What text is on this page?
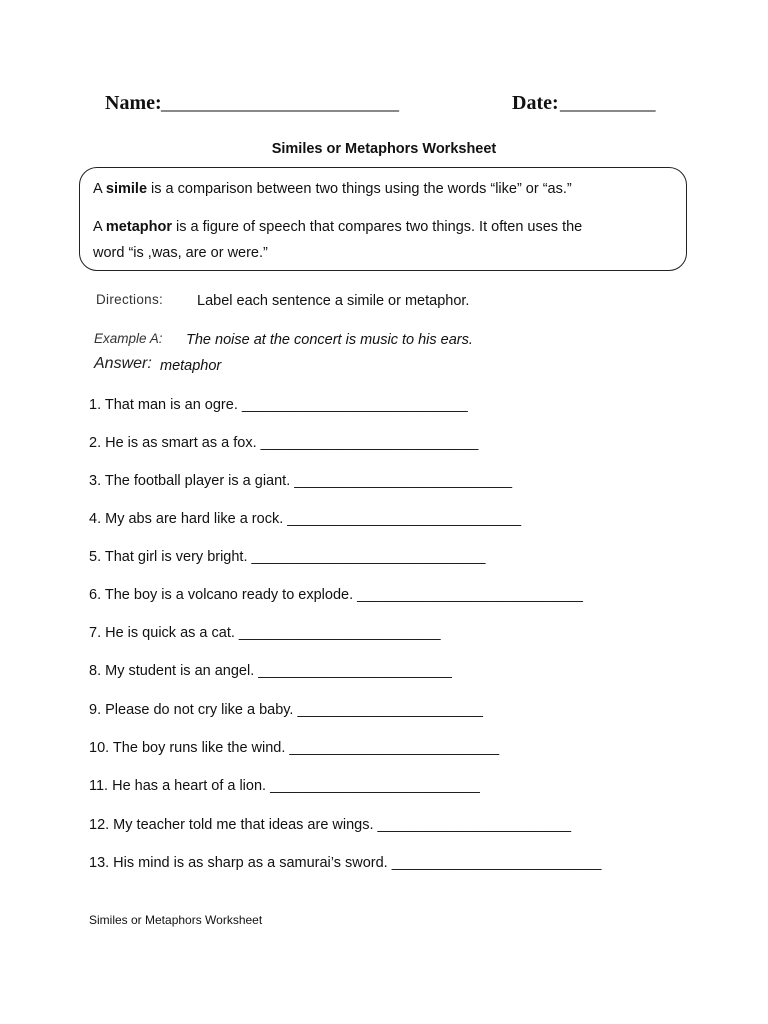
Name: _________________________	Date: __________
Similes or Metaphors Worksheet
A simile is a comparison between two things using the words “like” or “as.”
A metaphor is a figure of speech that compares two things. It often uses the
word “is ,was, are or were.”
Directions: Label each sentence a simile or metaphor.
Example A: The noise at the concert is music to his ears.
Answer: metaphor
1. That man is an ogre. ____________________________
2. He is as smart as a fox. ___________________________
3. The football player is a giant. ___________________________
4. My abs are hard like a rock. _____________________________
5. That girl is very bright. _____________________________
6. The boy is a volcano ready to explode. ____________________________
7. He is quick as a cat. _________________________
8. My student is an angel. ________________________
9. Please do not cry like a baby. _______________________
10. The boy runs like the wind. __________________________
11. He has a heart of a lion. __________________________
12. My teacher told me that ideas are wings. ________________________
13. His mind is as sharp as a samurai’s sword. __________________________
Similes or Metaphors Worksheet
